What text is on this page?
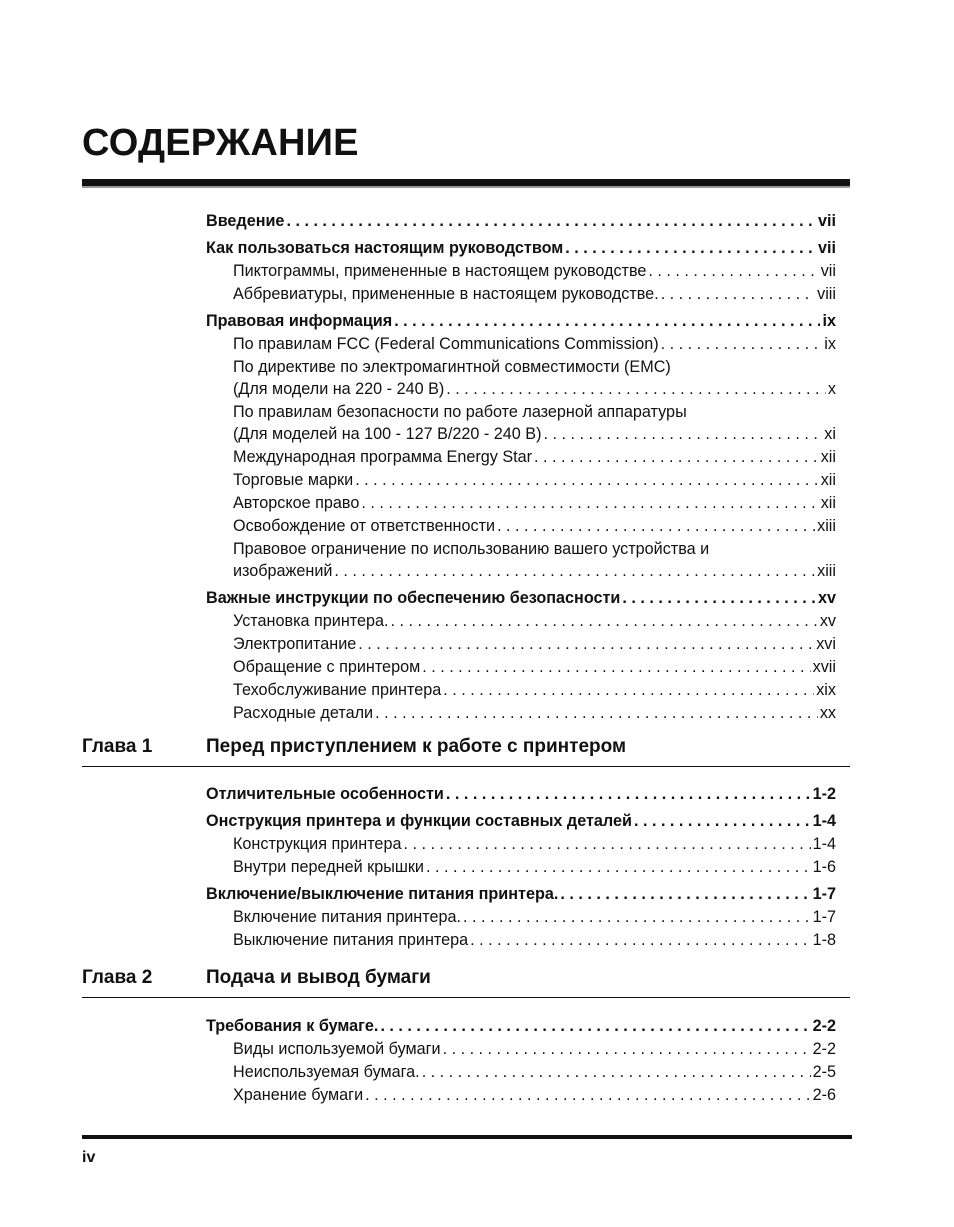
СОДЕРЖАНИЕ
Введение . . .	vii
Как пользоваться настоящим руководством . . .	vii
Пиктограммы, примененные в настоящем руководстве . . .	vii
Аббревиатуры, примененные в настоящем руководстве. . . .	viii
Правовая информация . . .	ix
По правилам FCC (Federal Communications Commission) . . .	ix
По директиве по электромагинтной совместимости (EMC)
(Для модели на 220 - 240 В) . . .	x
По правилам безопасности по работе лазерной аппаратуры
(Для моделей на 100 - 127 В/220 - 240 В) . . .	xi
Международная программа Energy Star . . .	xii
Торговые марки . . .	xii
Авторское право . . .	xii
Освобождение от ответственности . . .	xiii
Правовое ограничение по использованию вашего устройства и
изображений . . .	xiii
Важные инструкции по обеспечению безопасности . . .	xv
Установка принтера. . . .	xv
Электропитание . . .	xvi
Обращение с принтером . . .	xvii
Техобслуживание принтера . . .	xix
Расходные детали . . .	xx
Глава 1	Перед приступлением к работе с принтером
Отличительные особенности . . .	1-2
Онструкция принтера и функции составных деталей . . .	1-4
Конструкция принтера . . .	1-4
Внутри передней крышки . . .	1-6
Включение/выключение питания принтера. . . .	1-7
Включение питания принтера. . . .	1-7
Выключение питания принтера . . .	1-8
Глава 2	Подача и вывод бумаги
Требования к бумаге. . . .	2-2
Виды используемой бумаги . . .	2-2
Неиспользуемая бумага. . . .	2-5
Хранение бумаги . . .	2-6
iv
